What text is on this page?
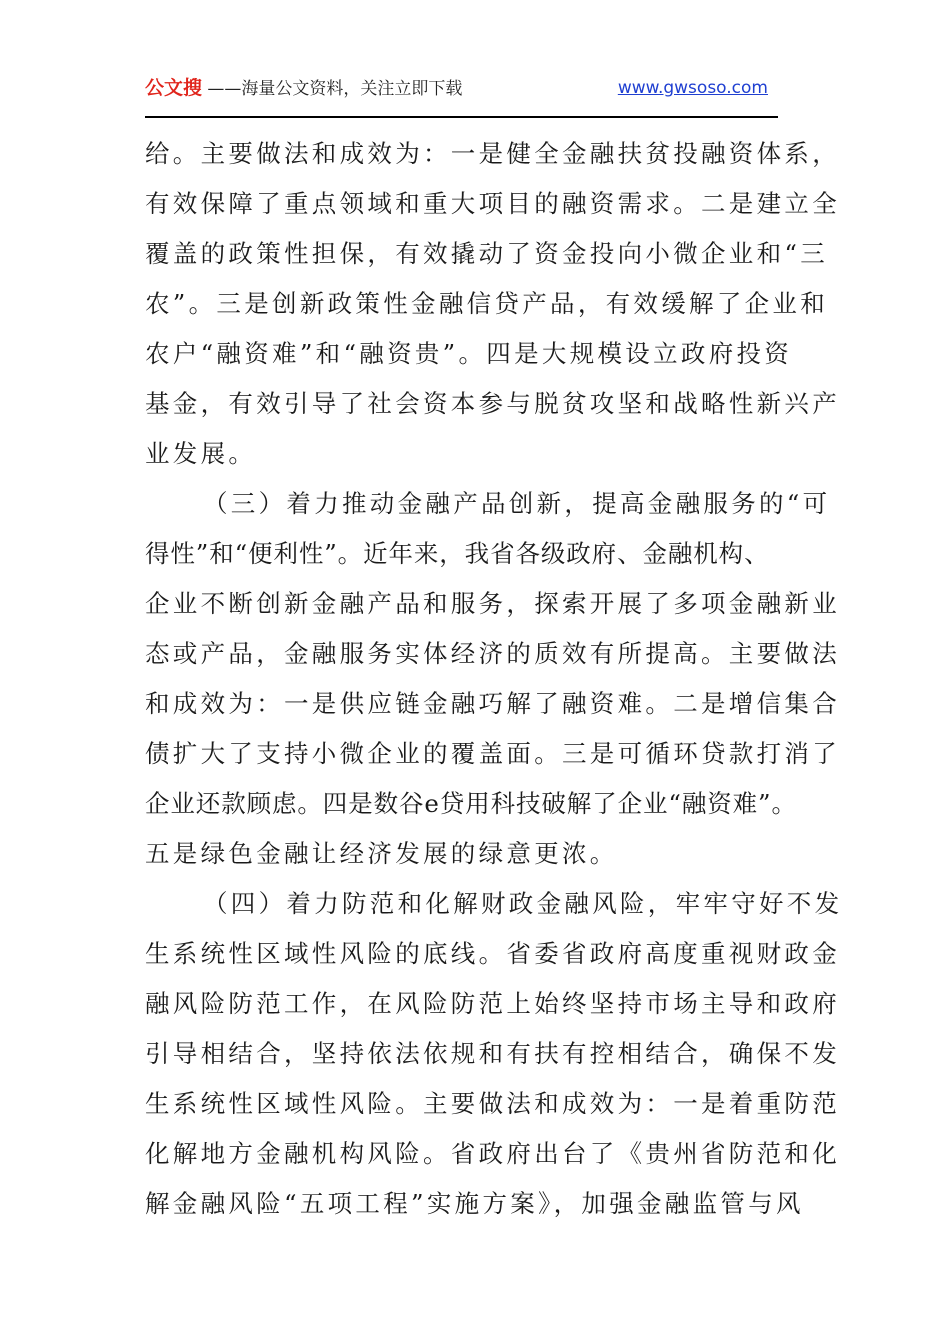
公文搜 ——海量公文资料，关注立即下载	www.gwsoso.com
给。主要做法和成效为：一是健全金融扶贫投融资体系，
有效保障了重点领域和重大项目的融资需求。二是建立全
覆盖的政策性担保，有效撬动了资金投向小微企业和“三
农”。三是创新政策性金融信贷产品，有效缓解了企业和
农户“融资难”和“融资贵”。四是大规模设立政府投资
基金，有效引导了社会资本参与脱贫攻坚和战略性新兴产
业发展。
（三）着力推动金融产品创新，提高金融服务的“可
得性”和“便利性”。近年来，我省各级政府、金融机构、
企业不断创新金融产品和服务，探索开展了多项金融新业
态或产品，金融服务实体经济的质效有所提高。主要做法
和成效为：一是供应链金融巧解了融资难。二是增信集合
债扩大了支持小微企业的覆盖面。三是可循环贷款打消了
企业还款顾虑。四是数谷e贷用科技破解了企业“融资难”。
五是绿色金融让经济发展的绿意更浓。
（四）着力防范和化解财政金融风险，牢牢守好不发
生系统性区域性风险的底线。省委省政府高度重视财政金
融风险防范工作，在风险防范上始终坚持市场主导和政府
引导相结合，坚持依法依规和有扶有控相结合，确保不发
生系统性区域性风险。主要做法和成效为：一是着重防范
化解地方金融机构风险。省政府出台了《贵州省防范和化
解金融风险“五项工程”实施方案》，加强金融监管与风
